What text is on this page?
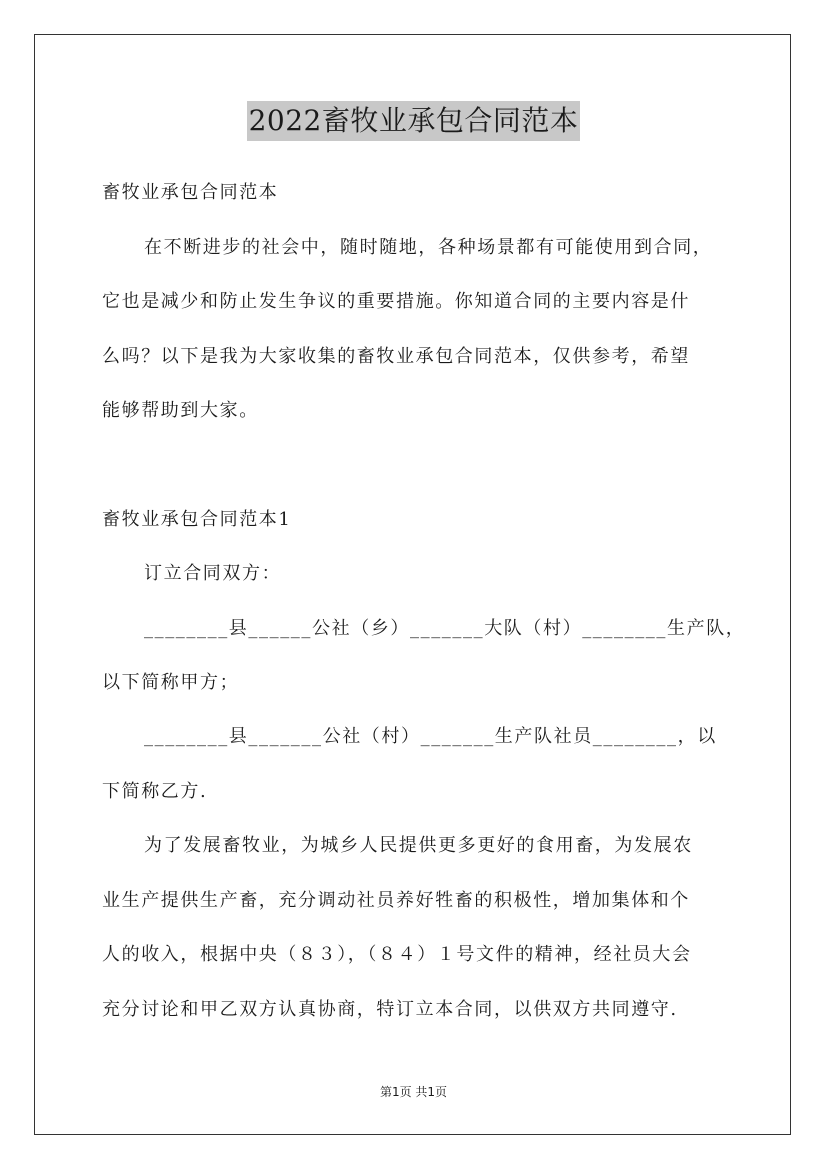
2022畜牧业承包合同范本
畜牧业承包合同范本
在不断进步的社会中，随时随地，各种场景都有可能使用到合同，
它也是减少和防止发生争议的重要措施。你知道合同的主要内容是什
么吗？以下是我为大家收集的畜牧业承包合同范本，仅供参考，希望
能够帮助到大家。
畜牧业承包合同范本1
订立合同双方：
________县______公社（乡）_______大队（村）________生产队，
以下简称甲方；
________县_______公社（村）_______生产队社员________，以
下简称乙方.
为了发展畜牧业，为城乡人民提供更多更好的食用畜，为发展农
业生产提供生产畜，充分调动社员养好牲畜的积极性，增加集体和个
人的收入，根据中央（８３），（８４）１号文件的精神，经社员大会
充分讨论和甲乙双方认真协商，特订立本合同，以供双方共同遵守.
第1页 共1页
